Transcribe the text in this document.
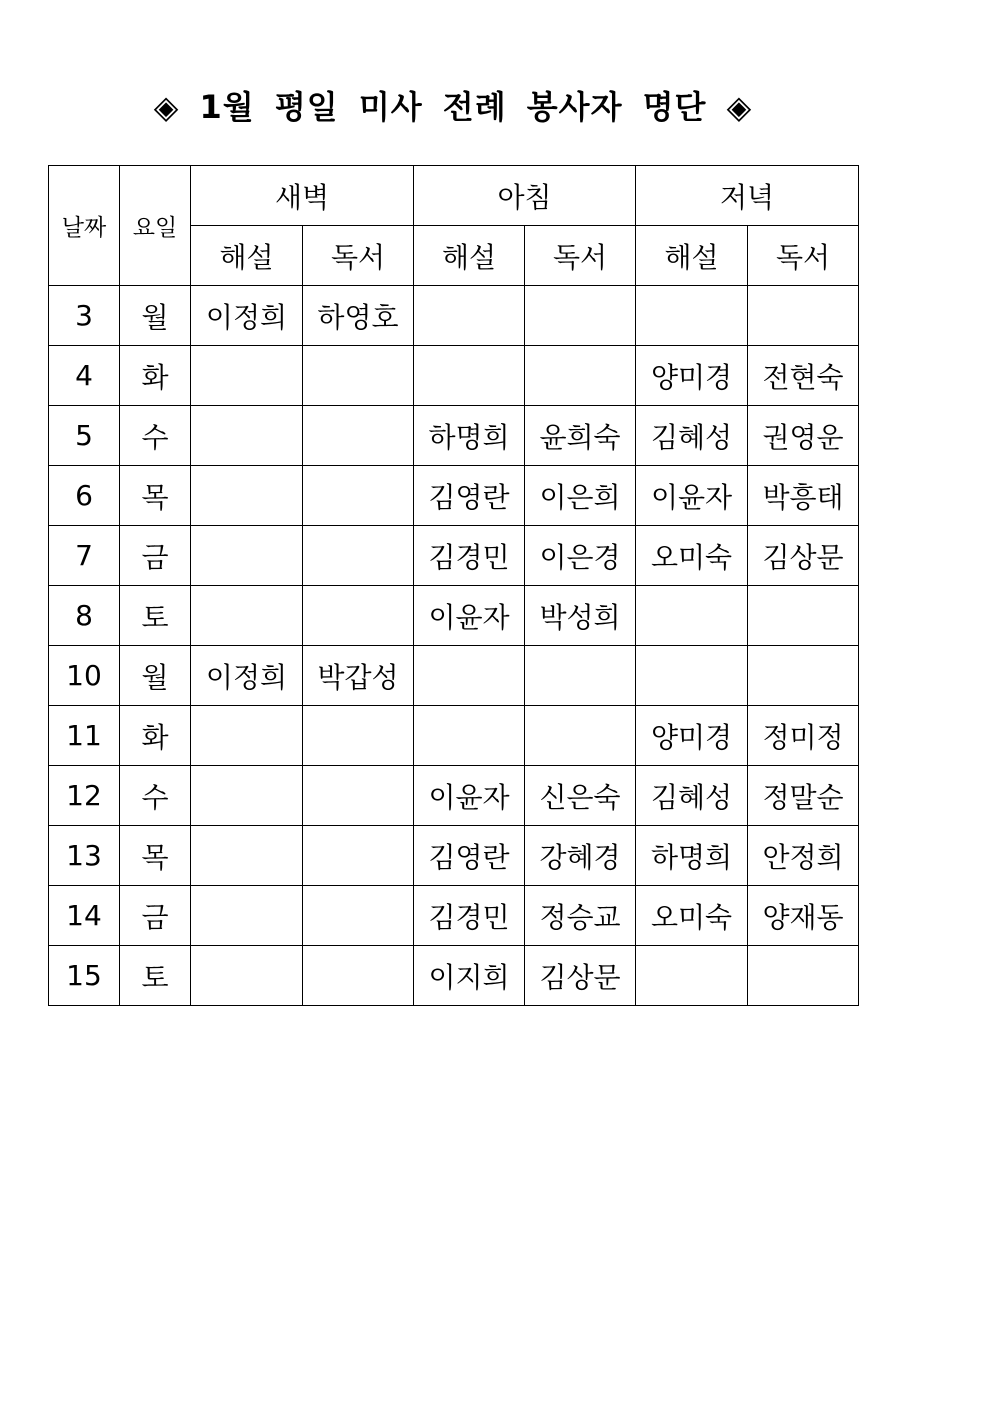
◈ 1월 평일 미사 전례 봉사자 명단 ◈
날짜	요일	새벽		아침		저녁	
		해설	독서	해설	독서	해설	독서
3	월	이정희	하영호				
4	화					양미경	전현숙
5	수			하명희	윤희숙	김혜성	권영운
6	목			김영란	이은희	이윤자	박흥태
7	금			김경민	이은경	오미숙	김상문
8	토			이윤자	박성희		
10	월	이정희	박갑성				
11	화					양미경	정미정
12	수			이윤자	신은숙	김혜성	정말순
13	목			김영란	강혜경	하명희	안정희
14	금			김경민	정승교	오미숙	양재동
15	토			이지희	김상문		
